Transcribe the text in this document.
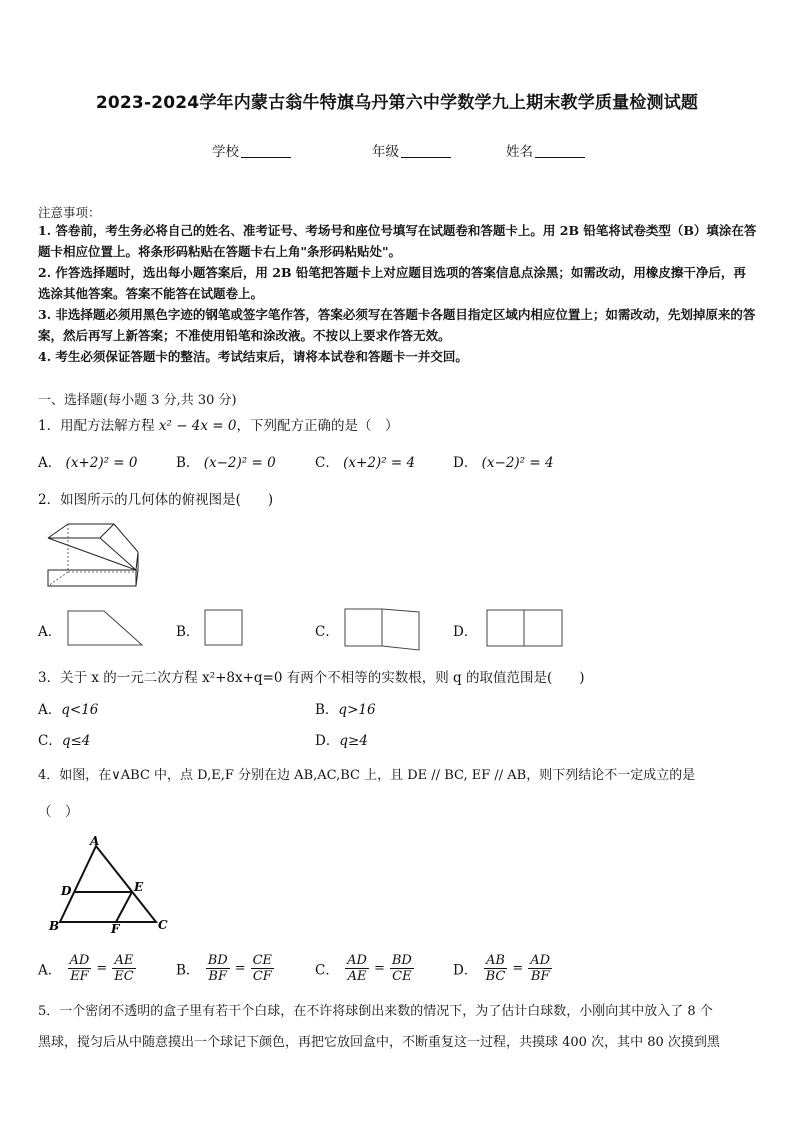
2023-2024学年内蒙古翁牛特旗乌丹第六中学数学九上期末教学质量检测试题
学校	年级	姓名
注意事项：
1. 答卷前，考生务必将自己的姓名、准考证号、考场号和座位号填写在试题卷和答题卡上。用 2B 铅笔将试卷类型（B）填涂在答题卡相应位置上。将条形码粘贴在答题卡右上角"条形码粘贴处"。
2. 作答选择题时，选出每小题答案后，用 2B 铅笔把答题卡上对应题目选项的答案信息点涂黑；如需改动，用橡皮擦干净后，再选涂其他答案。答案不能答在试题卷上。
3. 非选择题必须用黑色字迹的钢笔或签字笔作答，答案必须写在答题卡各题目指定区域内相应位置上；如需改动，先划掉原来的答案，然后再写上新答案；不准使用铅笔和涂改液。不按以上要求作答无效。
4. 考生必须保证答题卡的整洁。考试结束后，请将本试卷和答题卡一并交回。
一、选择题(每小题 3 分,共 30 分)
1．用配方法解方程 x² − 4x = 0，下列配方正确的是（　）
A． (x+2)² = 0	B． (x−2)² = 0	C． (x+2)² = 4	D． (x−2)² = 4
2．如图所示的几何体的俯视图是(　　)
A．	B．	C．	D．
3．关于 x 的一元二次方程 x²+8x+q=0 有两个不相等的实数根，则 q 的取值范围是(　　)
A．q<16	B．q>16
C．q≤4	D．q≥4
4．如图，在∨ABC 中，点 D,E,F 分别在边 AB,AC,BC 上，且 DE // BC, EF // AB，则下列结论不一定成立的是
（　）
A
B	C
D	E
F
A． $\frac{AD}{EF} = \frac{AE}{EC}$	B． $\frac{BD}{BF} = \frac{CE}{CF}$	C． $\frac{AD}{AE} = \frac{BD}{CE}$	D． $\frac{AB}{BC} = \frac{AD}{BF}$
5．一个密闭不透明的盒子里有若干个白球，在不许将球倒出来数的情况下，为了估计白球数，小刚向其中放入了 8 个
黑球，搅匀后从中随意摸出一个球记下颜色，再把它放回盒中，不断重复这一过程，共摸球 400 次，其中 80 次摸到黑
